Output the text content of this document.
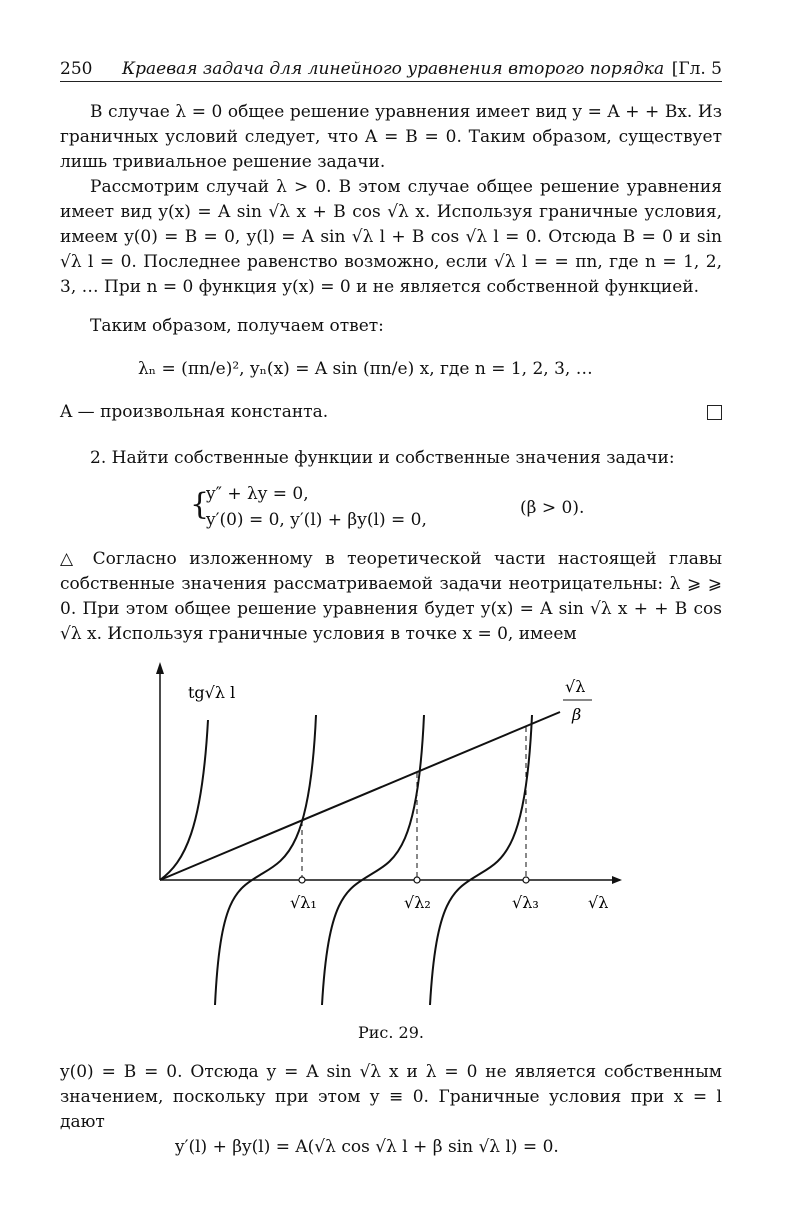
250 Краевая задача для линейного уравнения второго порядка [Гл. 5
В случае λ = 0 общее решение уравнения имеет вид y = A + + Bx. Из граничных условий следует, что A = B = 0. Таким образом, существует лишь тривиальное решение задачи.
Рассмотрим случай λ > 0. В этом случае общее решение уравнения имеет вид y(x) = A sin √λ x + B cos √λ x. Используя граничные условия, имеем y(0) = B = 0, y(l) = A sin √λ l + B cos √λ l = 0. Отсюда B = 0 и sin √λ l = 0. Последнее равенство возможно, если √λ l = = πn, где n = 1, 2, 3, … При n = 0 функция y(x) = 0 и не является собственной функцией.
Таким образом, получаем ответ:
λₙ = (πn/e)², yₙ(x) = A sin (πn/e) x, где n = 1, 2, 3, …
A — произвольная константа.
2. Найти собственные функции и собственные значения задачи:
{
y″ + λy = 0,
y′(0) = 0, y′(l) + βy(l) = 0,
(β > 0).
△ Согласно изложенному в теоретической части настоящей главы собственные значения рассматриваемой задачи неотрицательны: λ ⩾ ⩾ 0. При этом общее решение уравнения будет y(x) = A sin √λ x + + B cos √λ x. Используя граничные условия в точке x = 0, имеем
tg√λ l	√λ
β
√λ₁	√λ₂	√λ₃	√λ
Рис. 29.
y(0) = B = 0. Отсюда y = A sin √λ x и λ = 0 не является собственным значением, поскольку при этом y ≡ 0. Граничные условия при x = l дают
y′(l) + βy(l) = A(√λ cos √λ l + β sin √λ l) = 0.
